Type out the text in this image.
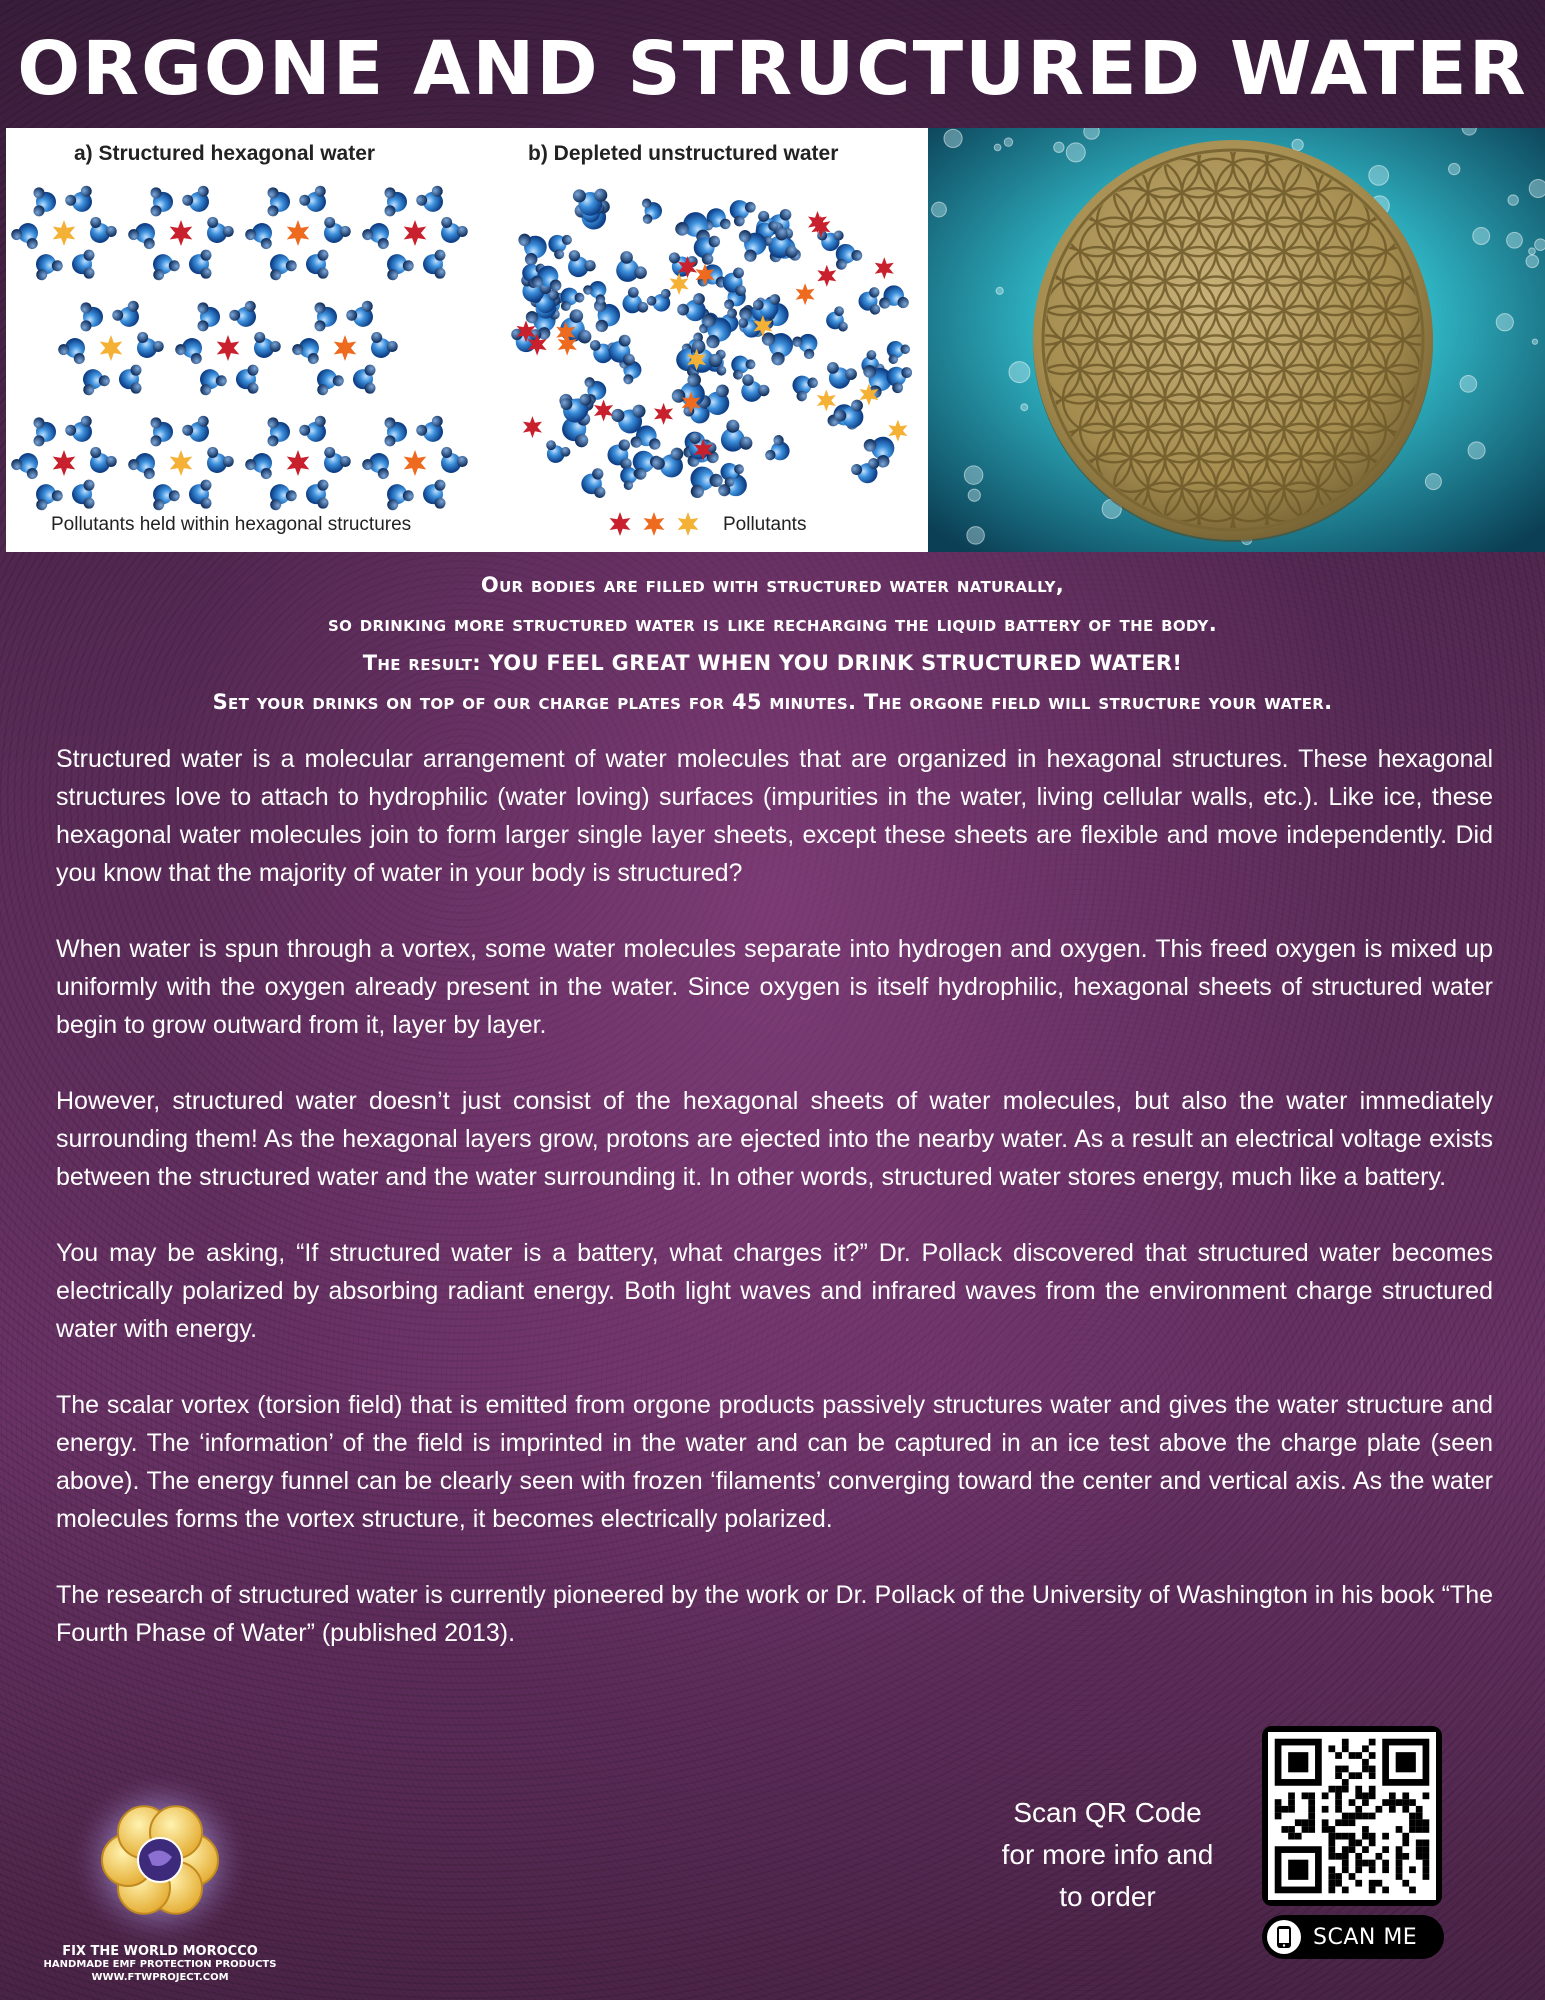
ORGONE AND STRUCTURED WATER
a) Structured hexagonal water	b) Depleted unstructured water
Pollutants held within hexagonal structures	Pollutants
Our bodies are filled with structured water naturally,
so drinking more structured water is like recharging the liquid battery of the body.
The result: YOU FEEL GREAT WHEN YOU DRINK STRUCTURED WATER!
Set your drinks on top of our charge plates for 45 minutes. The orgone field will structure your water.

Structured water is a molecular arrangement of water molecules that are organized in hexagonal structures. These hexagonal structures love to attach to hydrophilic (water loving) surfaces (impurities in the water, living cellular walls, etc.). Like ice, these hexagonal water molecules join to form larger single layer sheets, except these sheets are flexible and move independently. Did you know that the majority of water in your body is structured?

When water is spun through a vortex, some water molecules separate into hydrogen and oxygen. This freed oxygen is mixed up uniformly with the oxygen already present in the water. Since oxygen is itself hydrophilic, hexagonal sheets of structured water begin to grow outward from it, layer by layer.

However, structured water doesn’t just consist of the hexagonal sheets of water molecules, but also the water immediately surrounding them! As the hexagonal layers grow, protons are ejected into the nearby water. As a result an electrical voltage exists between the structured water and the water surrounding it. In other words, structured water stores energy, much like a battery.

You may be asking, “If structured water is a battery, what charges it?” Dr. Pollack discovered that structured water becomes electrically polarized by absorbing radiant energy. Both light waves and infrared waves from the environment charge structured water with energy.

The scalar vortex (torsion field) that is emitted from orgone products passively structures water and gives the water structure and energy. The ‘information’ of the field is imprinted in the water and can be captured in an ice test above the charge plate (seen above). The energy funnel can be clearly seen with frozen ‘filaments’ converging toward the center and vertical axis. As the water molecules forms the vortex structure, it becomes electrically polarized.

The research of structured water is currently pioneered by the work or Dr. Pollack of the University of Washington in his book “The Fourth Phase of Water” (published 2013).

FIX THE WORLD MOROCCO
HANDMADE EMF PROTECTION PRODUCTS
WWW.FTWPROJECT.COM
Scan QR Code for more info and to order
SCAN ME
